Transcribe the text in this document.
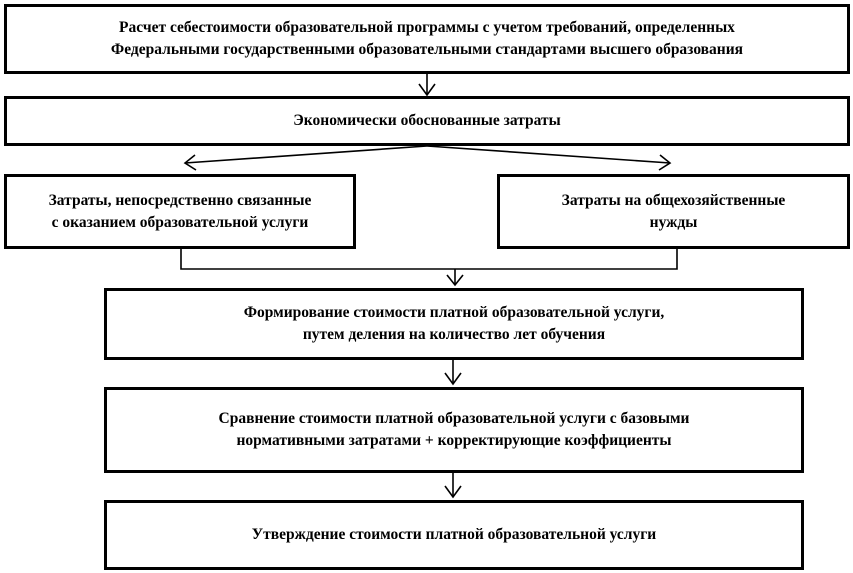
Расчет себестоимости образовательной программы с учетом требований, определенных
Федеральными государственными образовательными стандартами высшего образования
Экономически обоснованные затраты
Затраты, непосредственно связанные
с оказанием образовательной услуги
Затраты на общехозяйственные
нужды
Формирование стоимости платной образовательной услуги,
путем деления на количество лет обучения
Сравнение стоимости платной образовательной услуги с базовыми
нормативными затратами + корректирующие коэффициенты
Утверждение стоимости платной образовательной услуги
